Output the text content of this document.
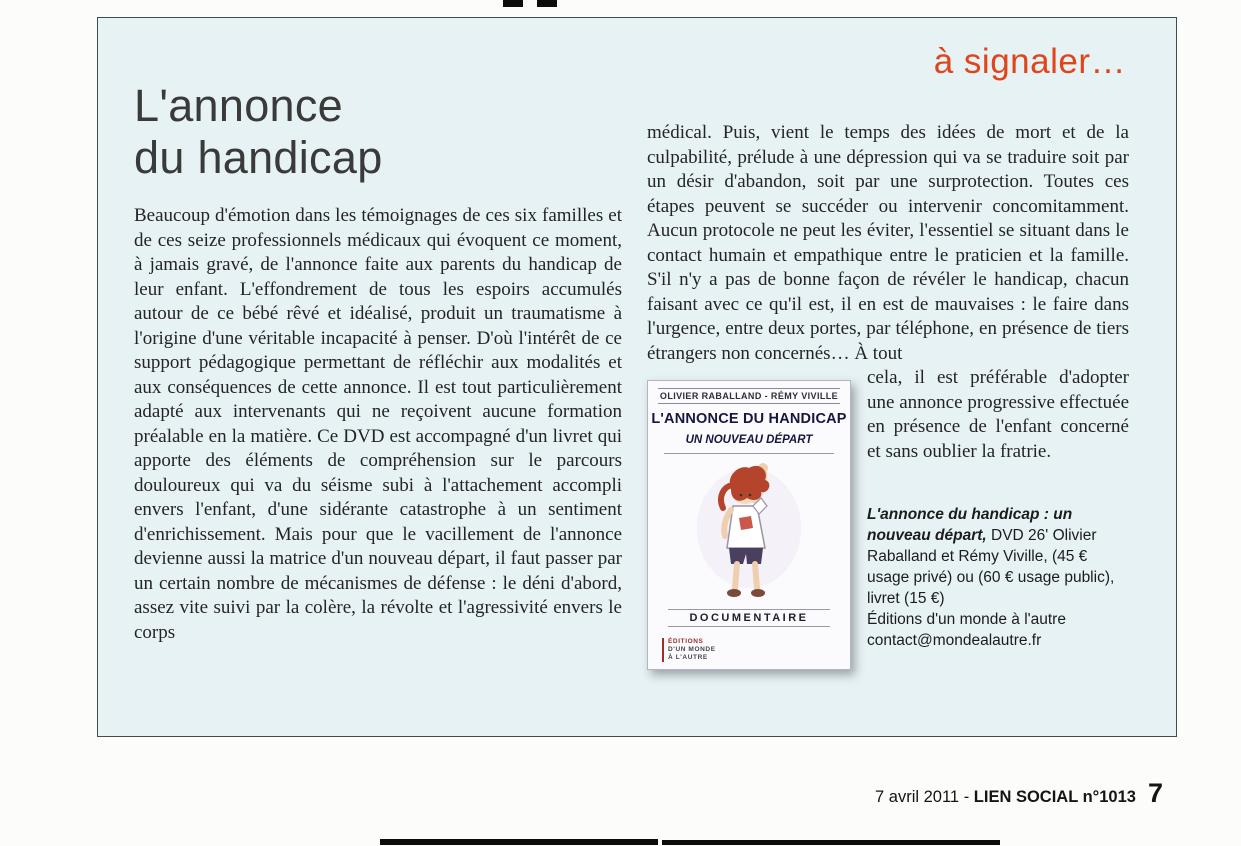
à signaler…
L'annonce
du handicap
Beaucoup d'émotion dans les témoignages de ces six familles et de ces seize professionnels médicaux qui évoquent ce moment, à jamais gravé, de l'annonce faite aux parents du handicap de leur enfant. L'effondrement de tous les espoirs accumulés autour de ce bébé rêvé et idéalisé, produit un traumatisme à l'origine d'une véritable incapacité à penser. D'où l'intérêt de ce support pédagogique permettant de réfléchir aux modalités et aux conséquences de cette annonce. Il est tout particulièrement adapté aux intervenants qui ne reçoivent aucune formation préalable en la matière. Ce DVD est accompagné d'un livret qui apporte des éléments de compréhension sur le parcours douloureux qui va du séisme subi à l'attachement accompli envers l'enfant, d'une sidérante catastrophe à un sentiment d'enrichissement. Mais pour que le vacillement de l'annonce devienne aussi la matrice d'un nouveau départ, il faut passer par un certain nombre de mécanismes de défense : le déni d'abord, assez vite suivi par la colère, la révolte et l'agressivité envers le corps
médical. Puis, vient le temps des idées de mort et de la culpabilité, prélude à une dépression qui va se traduire soit par un désir d'abandon, soit par une surprotection. Toutes ces étapes peuvent se succéder ou intervenir concomitamment. Aucun protocole ne peut les éviter, l'essentiel se situant dans le contact humain et empathique entre le praticien et la famille. S'il n'y a pas de bonne façon de révéler le handicap, chacun faisant avec ce qu'il est, il en est de mauvaises : le faire dans l'urgence, entre deux portes, par téléphone, en présence de tiers étrangers non concernés… À tout
OLIVIER RABALLAND - RÉMY VIVILLE
L'ANNONCE DU HANDICAP
UN NOUVEAU DÉPART
DOCUMENTAIRE
ÉDITIONS
D'UN MONDE
À L'AUTRE
cela, il est préférable d'adopter une annonce progressive effectuée en présence de l'enfant concerné et sans oublier la fratrie.
L'annonce du handicap : un nouveau départ, DVD 26' Olivier Raballand et Rémy Viville, (45 € usage privé) ou (60 € usage public), livret (15 €)
Éditions d'un monde à l'autre
contact@mondealautre.fr
7 avril 2011 - LIEN SOCIAL n°1013 7
